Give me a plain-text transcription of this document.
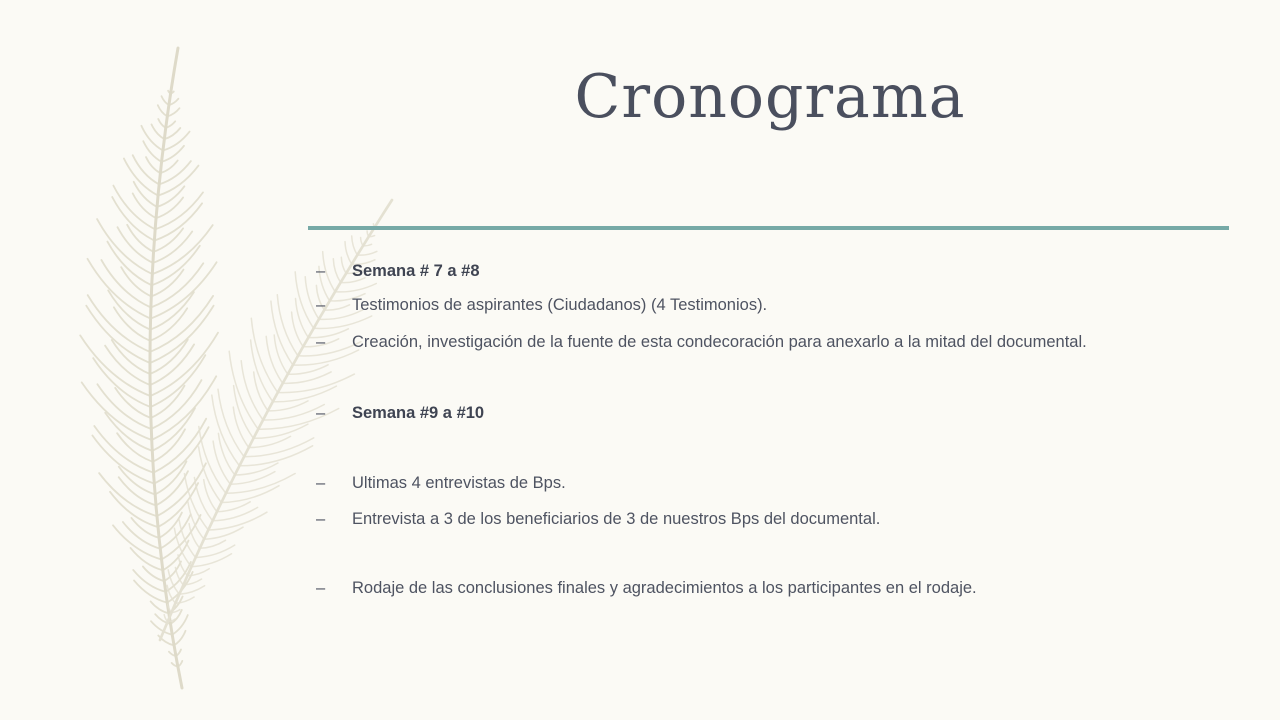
Cronograma
– Semana # 7 a #8
– Testimonios de aspirantes (Ciudadanos) (4 Testimonios).
– Creación, investigación de la fuente de esta condecoración para anexarlo a la mitad del documental.
– Semana #9 a #10
– Ultimas 4 entrevistas de Bps.
– Entrevista a 3 de los beneficiarios de 3 de nuestros Bps del documental.
– Rodaje de las conclusiones finales y agradecimientos a los participantes en el rodaje.
